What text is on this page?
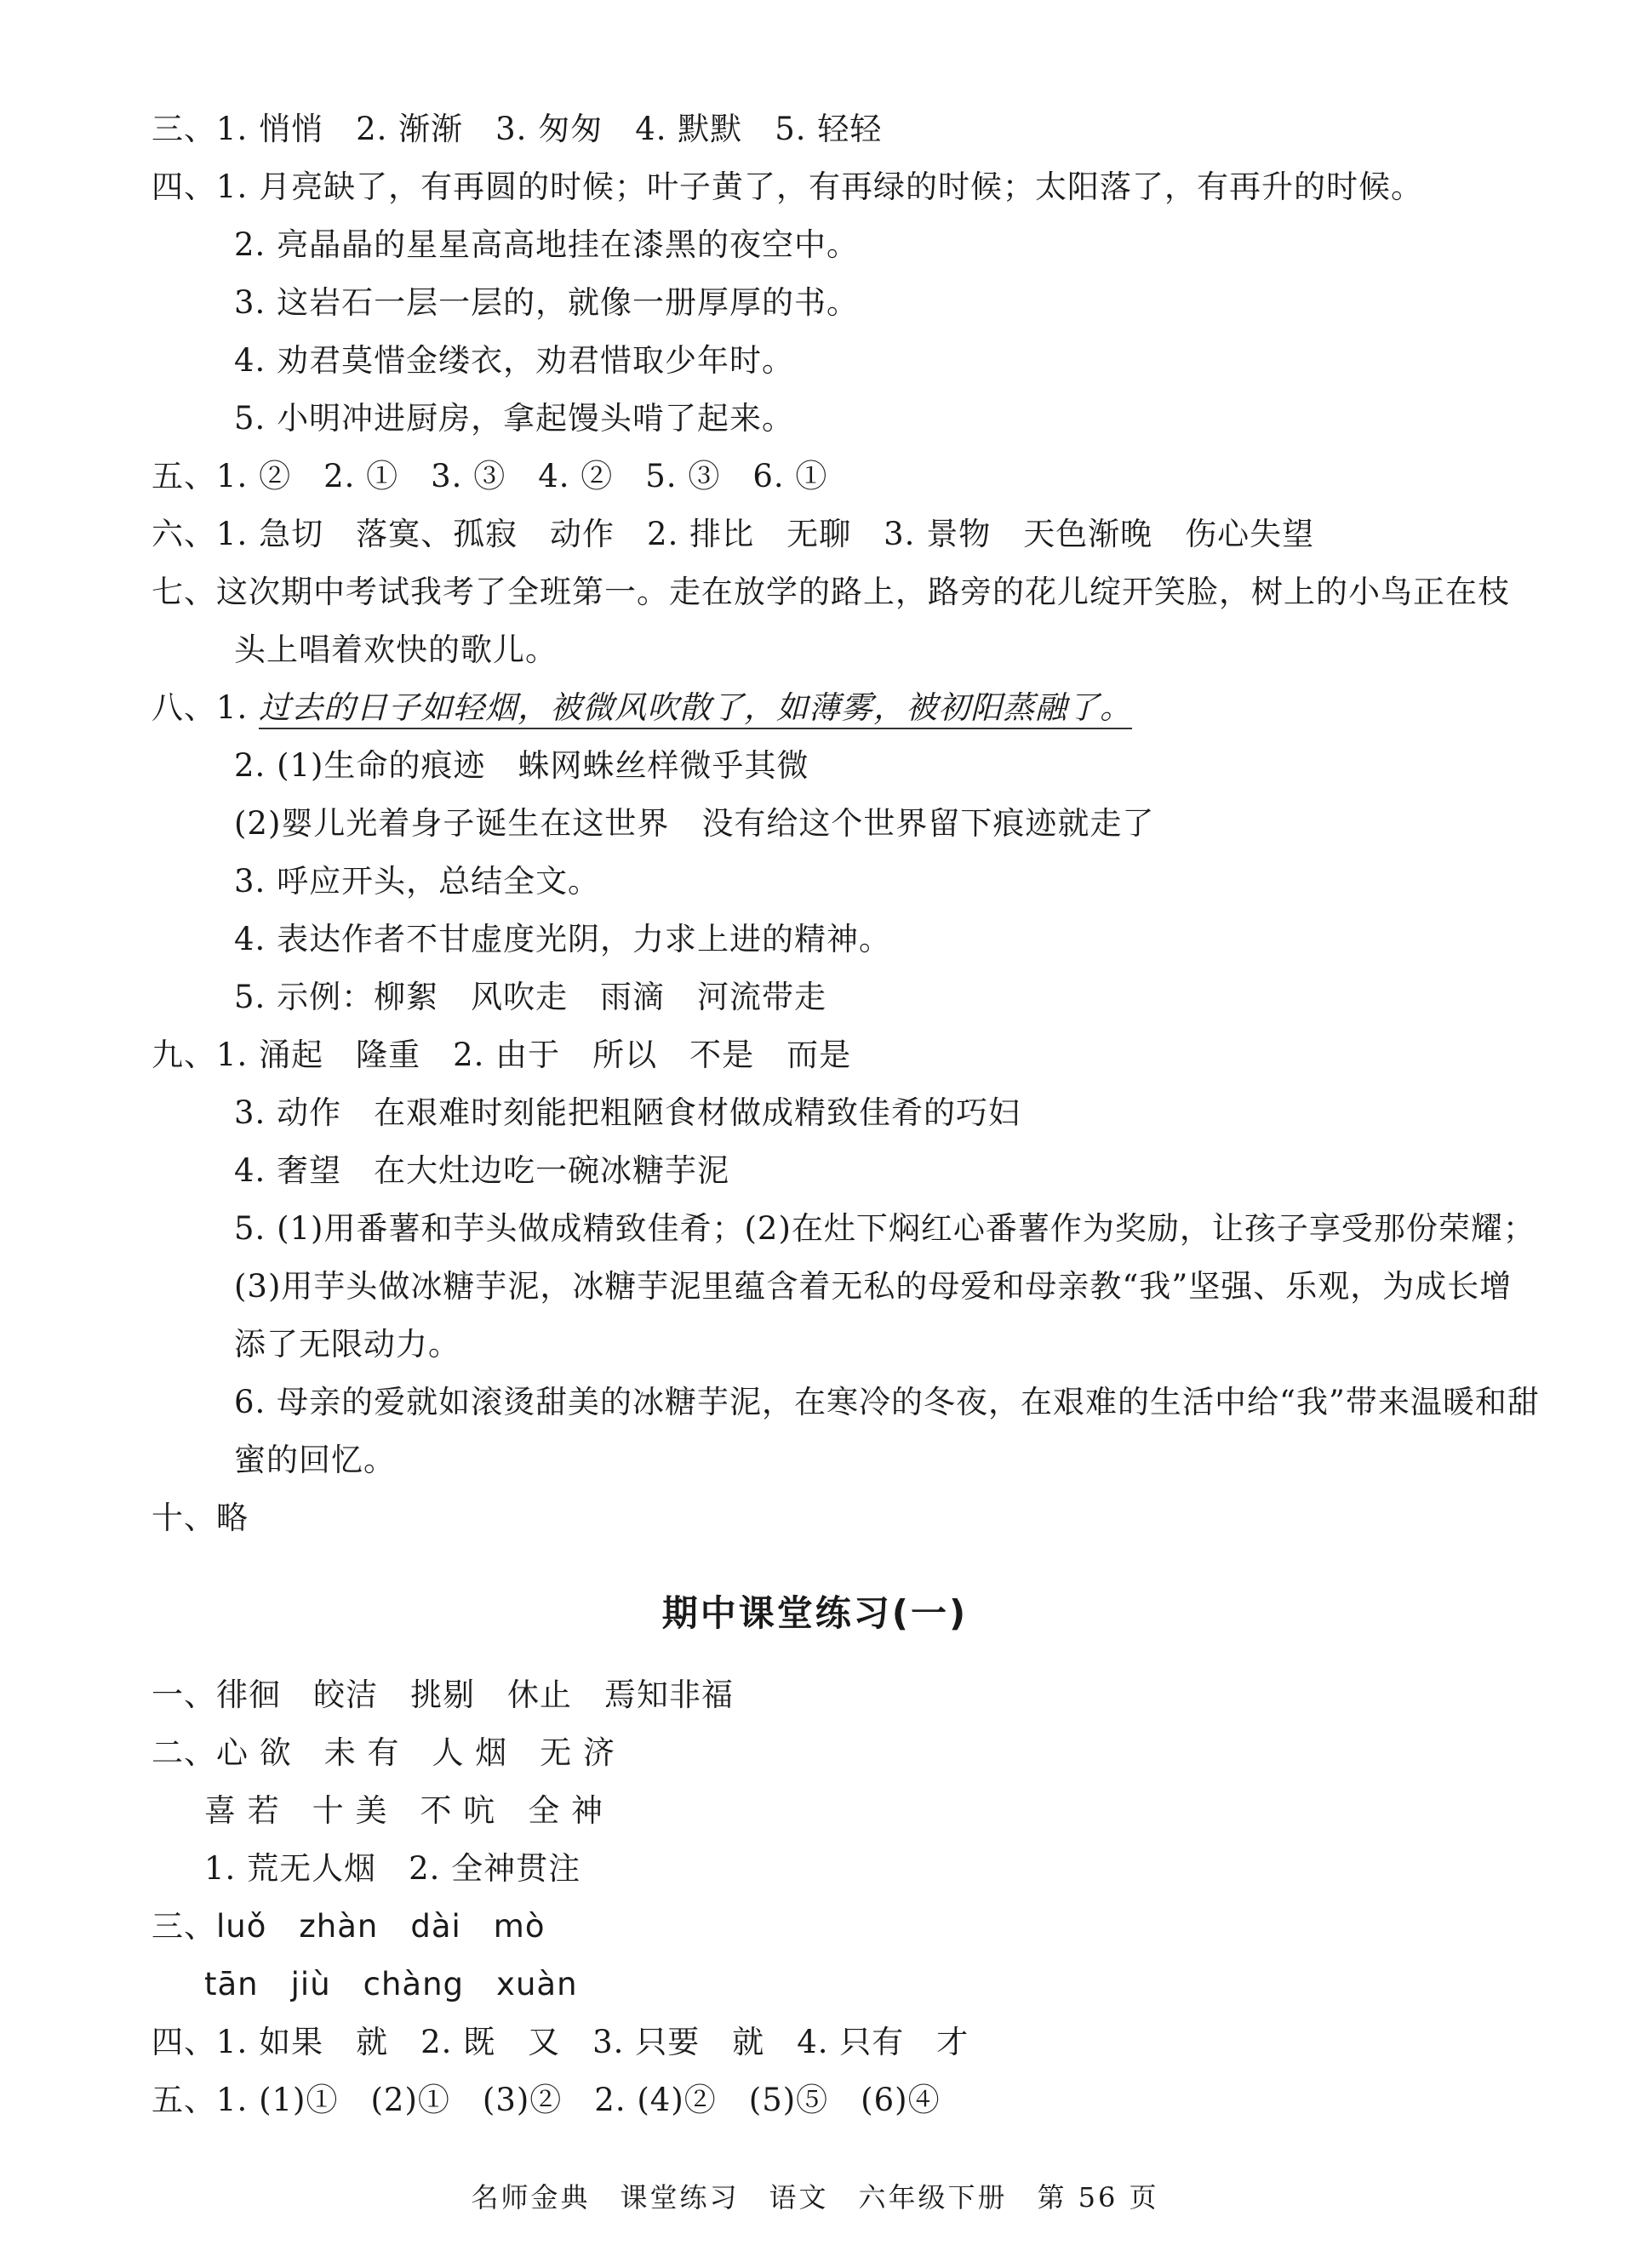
三、1. 悄悄　2. 渐渐　3. 匆匆　4. 默默　5. 轻轻
四、1. 月亮缺了，有再圆的时候；叶子黄了，有再绿的时候；太阳落了，有再升的时候。
2. 亮晶晶的星星高高地挂在漆黑的夜空中。
3. 这岩石一层一层的，就像一册厚厚的书。
4. 劝君莫惜金缕衣，劝君惜取少年时。
5. 小明冲进厨房，拿起馒头啃了起来。
五、1. ②　2. ①　3. ③　4. ②　5. ③　6. ①
六、1. 急切　落寞、孤寂　动作　2. 排比　无聊　3. 景物　天色渐晚　伤心失望
七、这次期中考试我考了全班第一。走在放学的路上，路旁的花儿绽开笑脸，树上的小鸟正在枝
头上唱着欢快的歌儿。
八、1. 过去的日子如轻烟，被微风吹散了，如薄雾，被初阳蒸融了。
2. (1)生命的痕迹　蛛网蛛丝样微乎其微
(2)婴儿光着身子诞生在这世界　没有给这个世界留下痕迹就走了
3. 呼应开头，总结全文。
4. 表达作者不甘虚度光阴，力求上进的精神。
5. 示例：柳絮　风吹走　雨滴　河流带走
九、1. 涌起　隆重　2. 由于　所以　不是　而是
3. 动作　在艰难时刻能把粗陋食材做成精致佳肴的巧妇
4. 奢望　在大灶边吃一碗冰糖芋泥
5. (1)用番薯和芋头做成精致佳肴；(2)在灶下焖红心番薯作为奖励，让孩子享受那份荣耀；
(3)用芋头做冰糖芋泥，冰糖芋泥里蕴含着无私的母爱和母亲教“我”坚强、乐观，为成长增
添了无限动力。
6. 母亲的爱就如滚烫甜美的冰糖芋泥，在寒冷的冬夜，在艰难的生活中给“我”带来温暖和甜
蜜的回忆。
十、略
期中课堂练习(一)
一、徘徊　皎洁　挑剔　休止　焉知非福
二、心 欲　未 有　人 烟　无 济
喜 若　十 美　不 吭　全 神
1. 荒无人烟　2. 全神贯注
三、luǒ　zhàn　dài　mò
tān　jiù　chàng　xuàn
四、1. 如果　就　2. 既　又　3. 只要　就　4. 只有　才
五、1. (1)①　(2)①　(3)②　2. (4)②　(5)⑤　(6)④
名师金典　课堂练习　语文　六年级下册　第 56 页
